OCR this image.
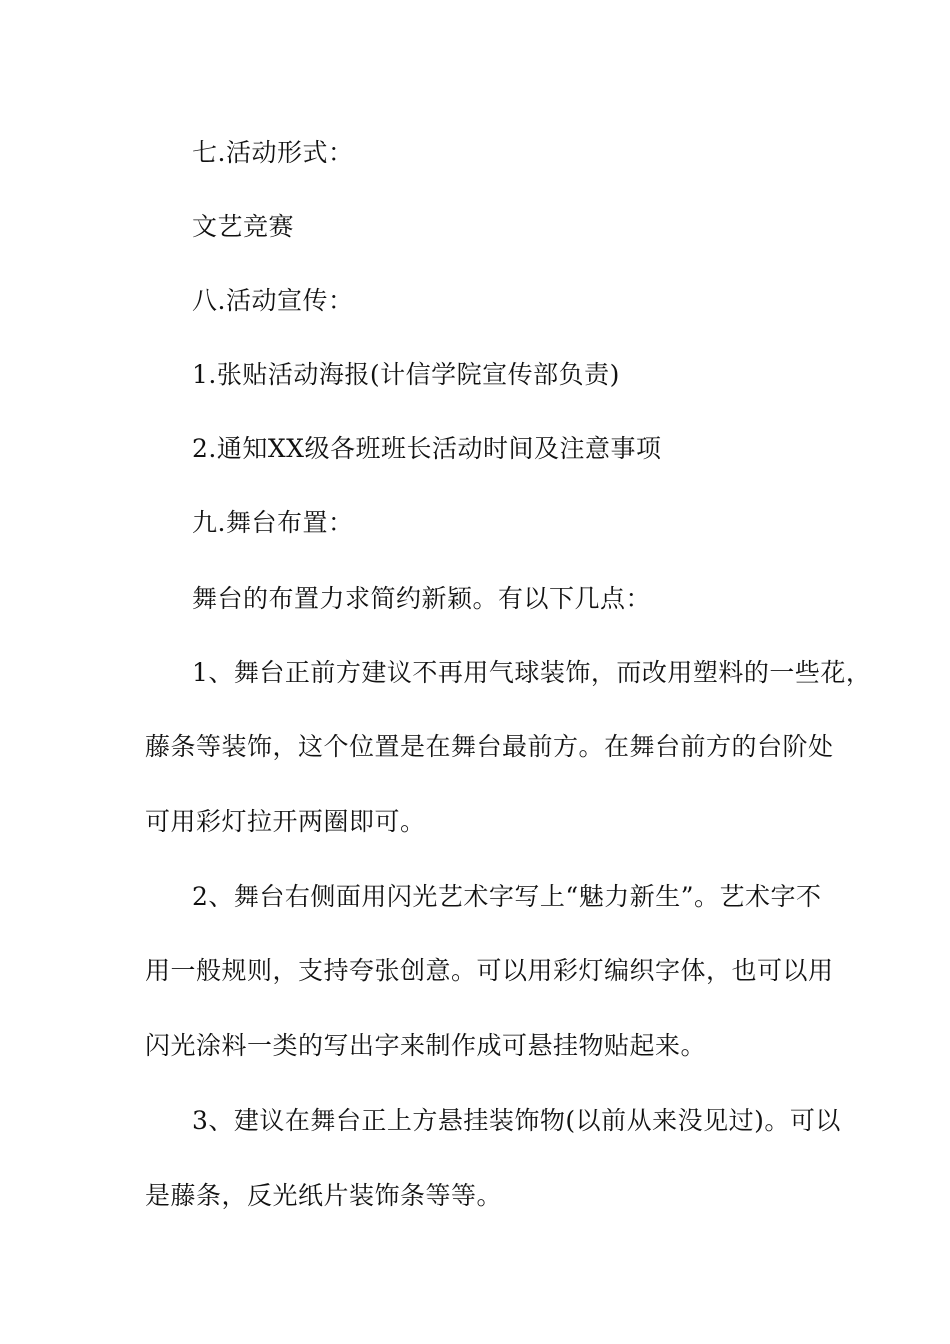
七.活动形式：
文艺竞赛
八.活动宣传：
1.张贴活动海报(计信学院宣传部负责)
2.通知XX级各班班长活动时间及注意事项
九.舞台布置：
舞台的布置力求简约新颖。有以下几点：
1、舞台正前方建议不再用气球装饰，而改用塑料的一些花，
藤条等装饰，这个位置是在舞台最前方。在舞台前方的台阶处
可用彩灯拉开两圈即可。
2、舞台右侧面用闪光艺术字写上“魅力新生”。艺术字不
用一般规则，支持夸张创意。可以用彩灯编织字体，也可以用
闪光涂料一类的写出字来制作成可悬挂物贴起来。
3、建议在舞台正上方悬挂装饰物(以前从来没见过)。可以
是藤条，反光纸片装饰条等等。
